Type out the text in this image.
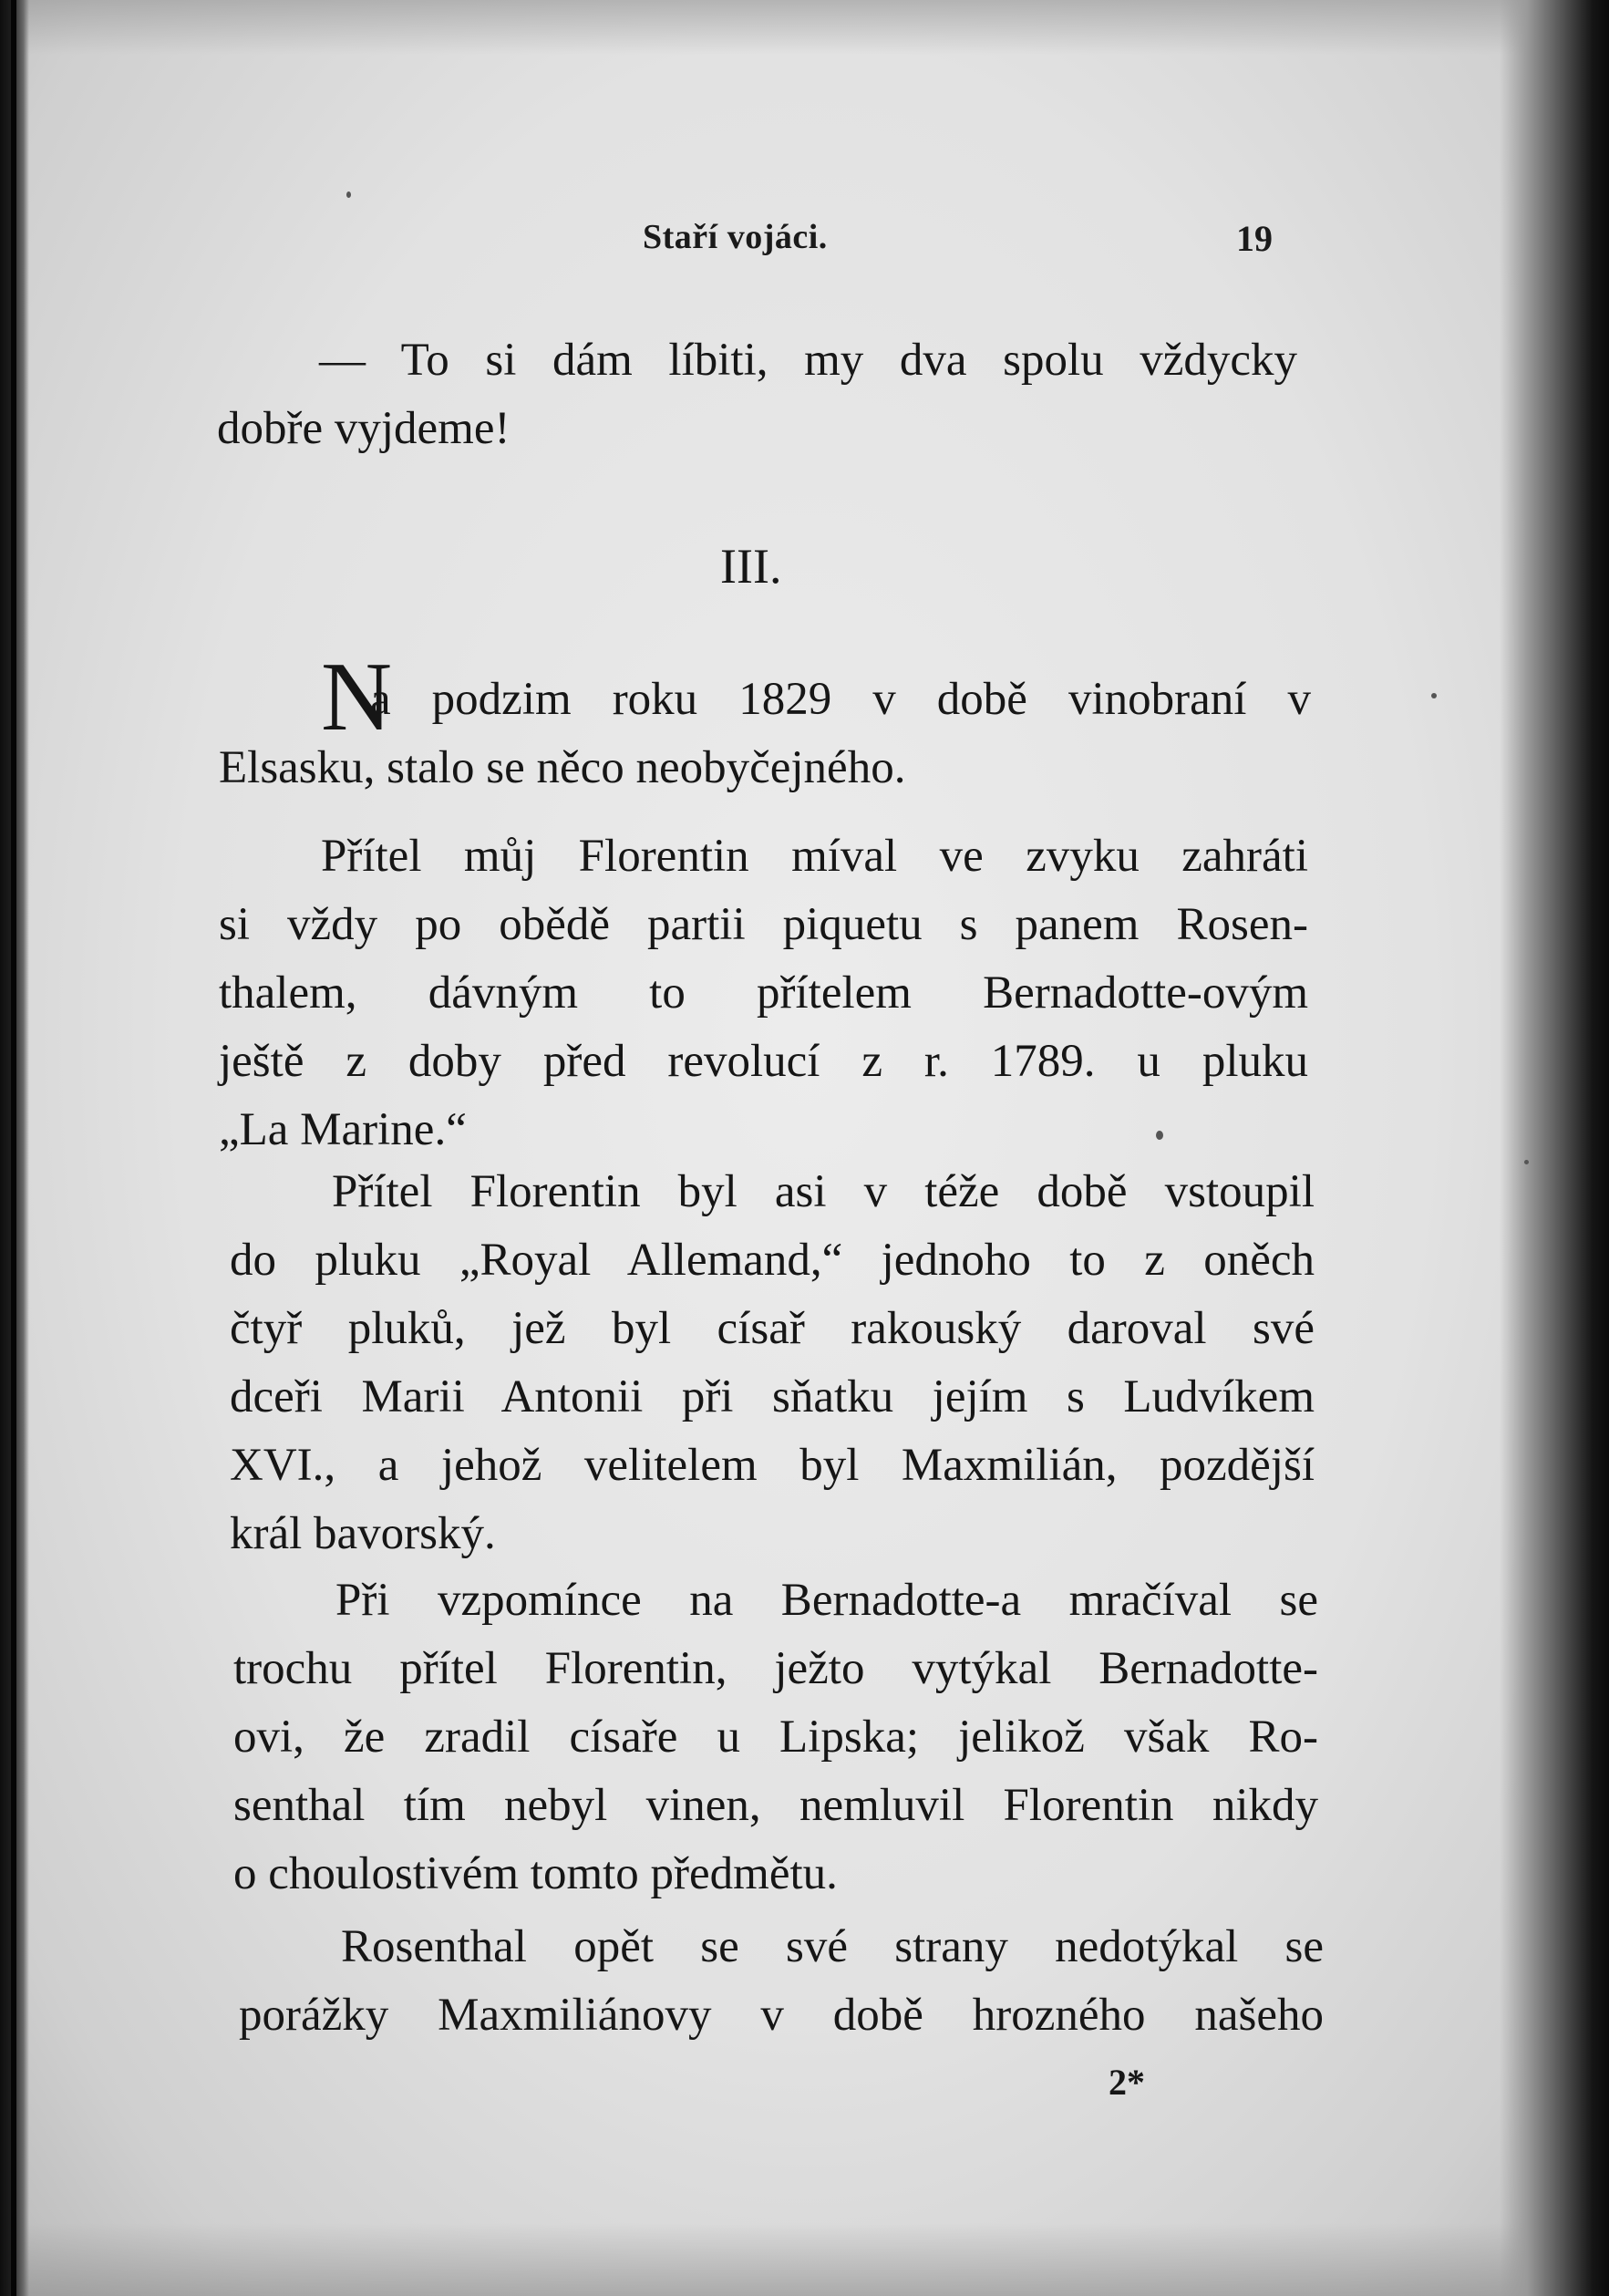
Staří vojáci.	19
— To si dám líbiti, my dva spolu vždycky
dobře vyjdeme!
III.
N
a podzim roku 1829 v době vinobraní v
Elsasku, stalo se něco neobyčejného.
Přítel můj Florentin míval ve zvyku zahráti
si vždy po obědě partii piquetu s panem Rosen-
thalem, dávným to přítelem Bernadotte-ovým
ještě z doby před revolucí z r. 1789. u pluku
„La Marine.“
Přítel Florentin byl asi v téže době vstoupil
do pluku „Royal Allemand,“ jednoho to z oněch
čtyř pluků, jež byl císař rakouský daroval své
dceři Marii Antonii při sňatku jejím s Ludvíkem
XVI., a jehož velitelem byl Maxmilián, pozdější
král bavorský.
Při vzpomínce na Bernadotte-a mračíval se
trochu přítel Florentin, ježto vytýkal Bernadotte-
ovi, že zradil císaře u Lipska; jelikož však Ro-
senthal tím nebyl vinen, nemluvil Florentin nikdy
o choulostivém tomto předmětu.
Rosenthal opět se své strany nedotýkal se
porážky Maxmiliánovy v době hrozného našeho
2*
